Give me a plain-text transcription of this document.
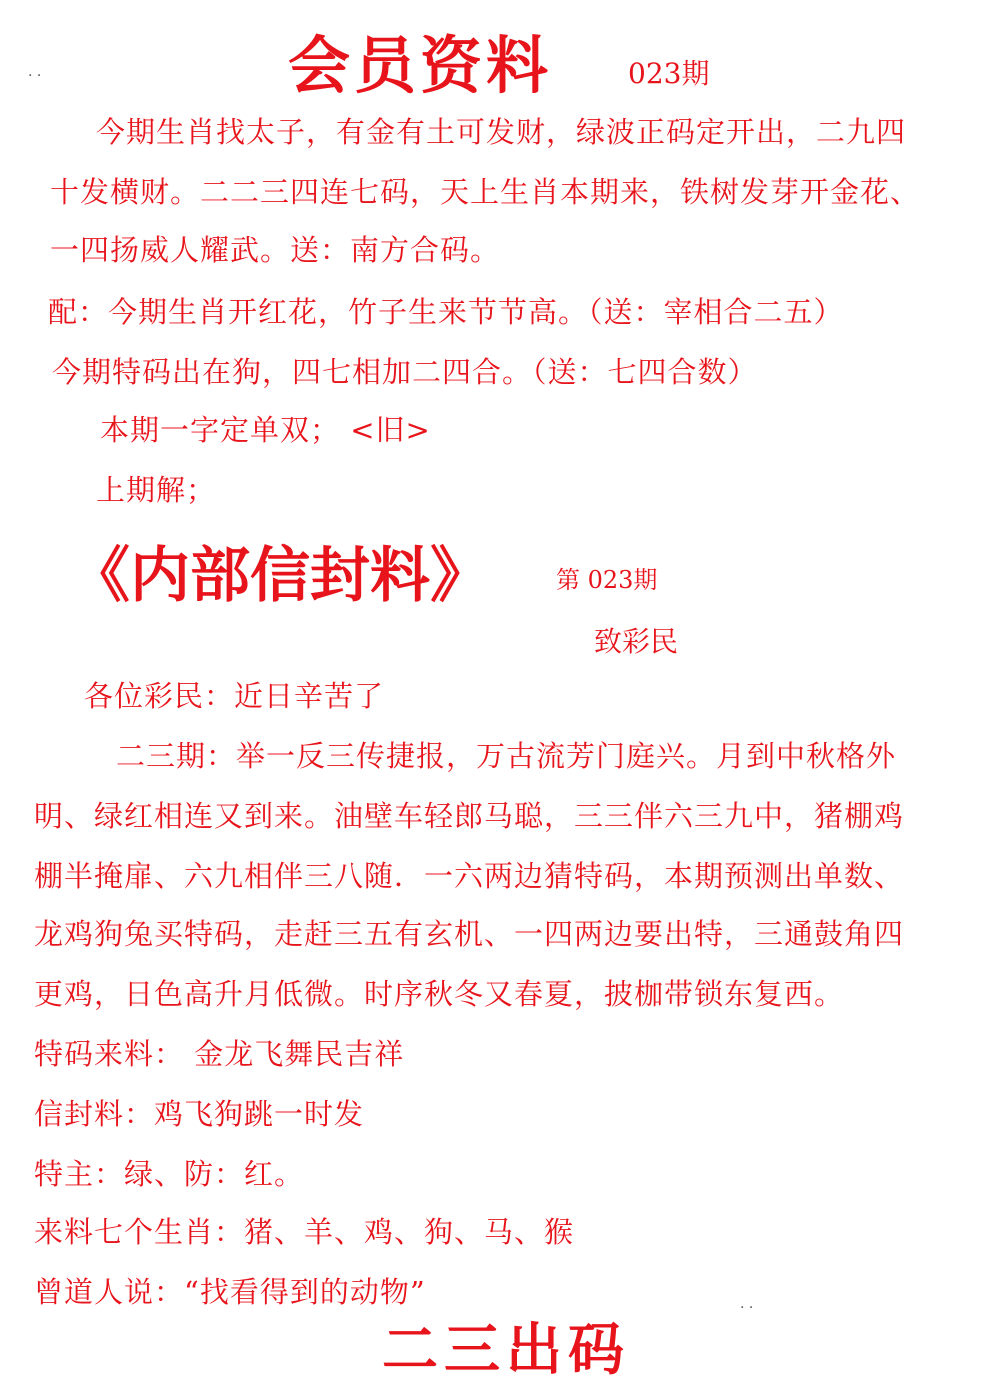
. .	会员资料	023期
今期生肖找太子，有金有土可发财，绿波正码定开出，二九四
十发横财。二二三四连七码，天上生肖本期来，铁树发芽开金花、
一四扬威人耀武。送：南方合码。
配：今期生肖开红花，竹子生来节节高。（送：宰相合二五）
今期特码出在狗，四七相加二四合。（送：七四合数）
本期一字定单双； <旧>
上期解；
《内部信封料》	第 023期
致彩民
各位彩民：近日辛苦了
二三期：举一反三传捷报，万古流芳门庭兴。月到中秋格外
明、绿红相连又到来。油壁车轻郎马聪，三三伴六三九中，猪棚鸡
棚半掩扉、六九相伴三八随．一六两边猜特码，本期预测出单数、
龙鸡狗兔买特码，走赶三五有玄机、一四两边要出特，三通鼓角四
更鸡，日色高升月低微。时序秋冬又春夏，披枷带锁东复西。
特码来料： 金龙飞舞民吉祥
信封料：鸡飞狗跳一时发
特主：绿、防：红。
来料七个生肖：猪、羊、鸡、狗、马、猴
曾道人说：“找看得到的动物”	. .
二三出码
